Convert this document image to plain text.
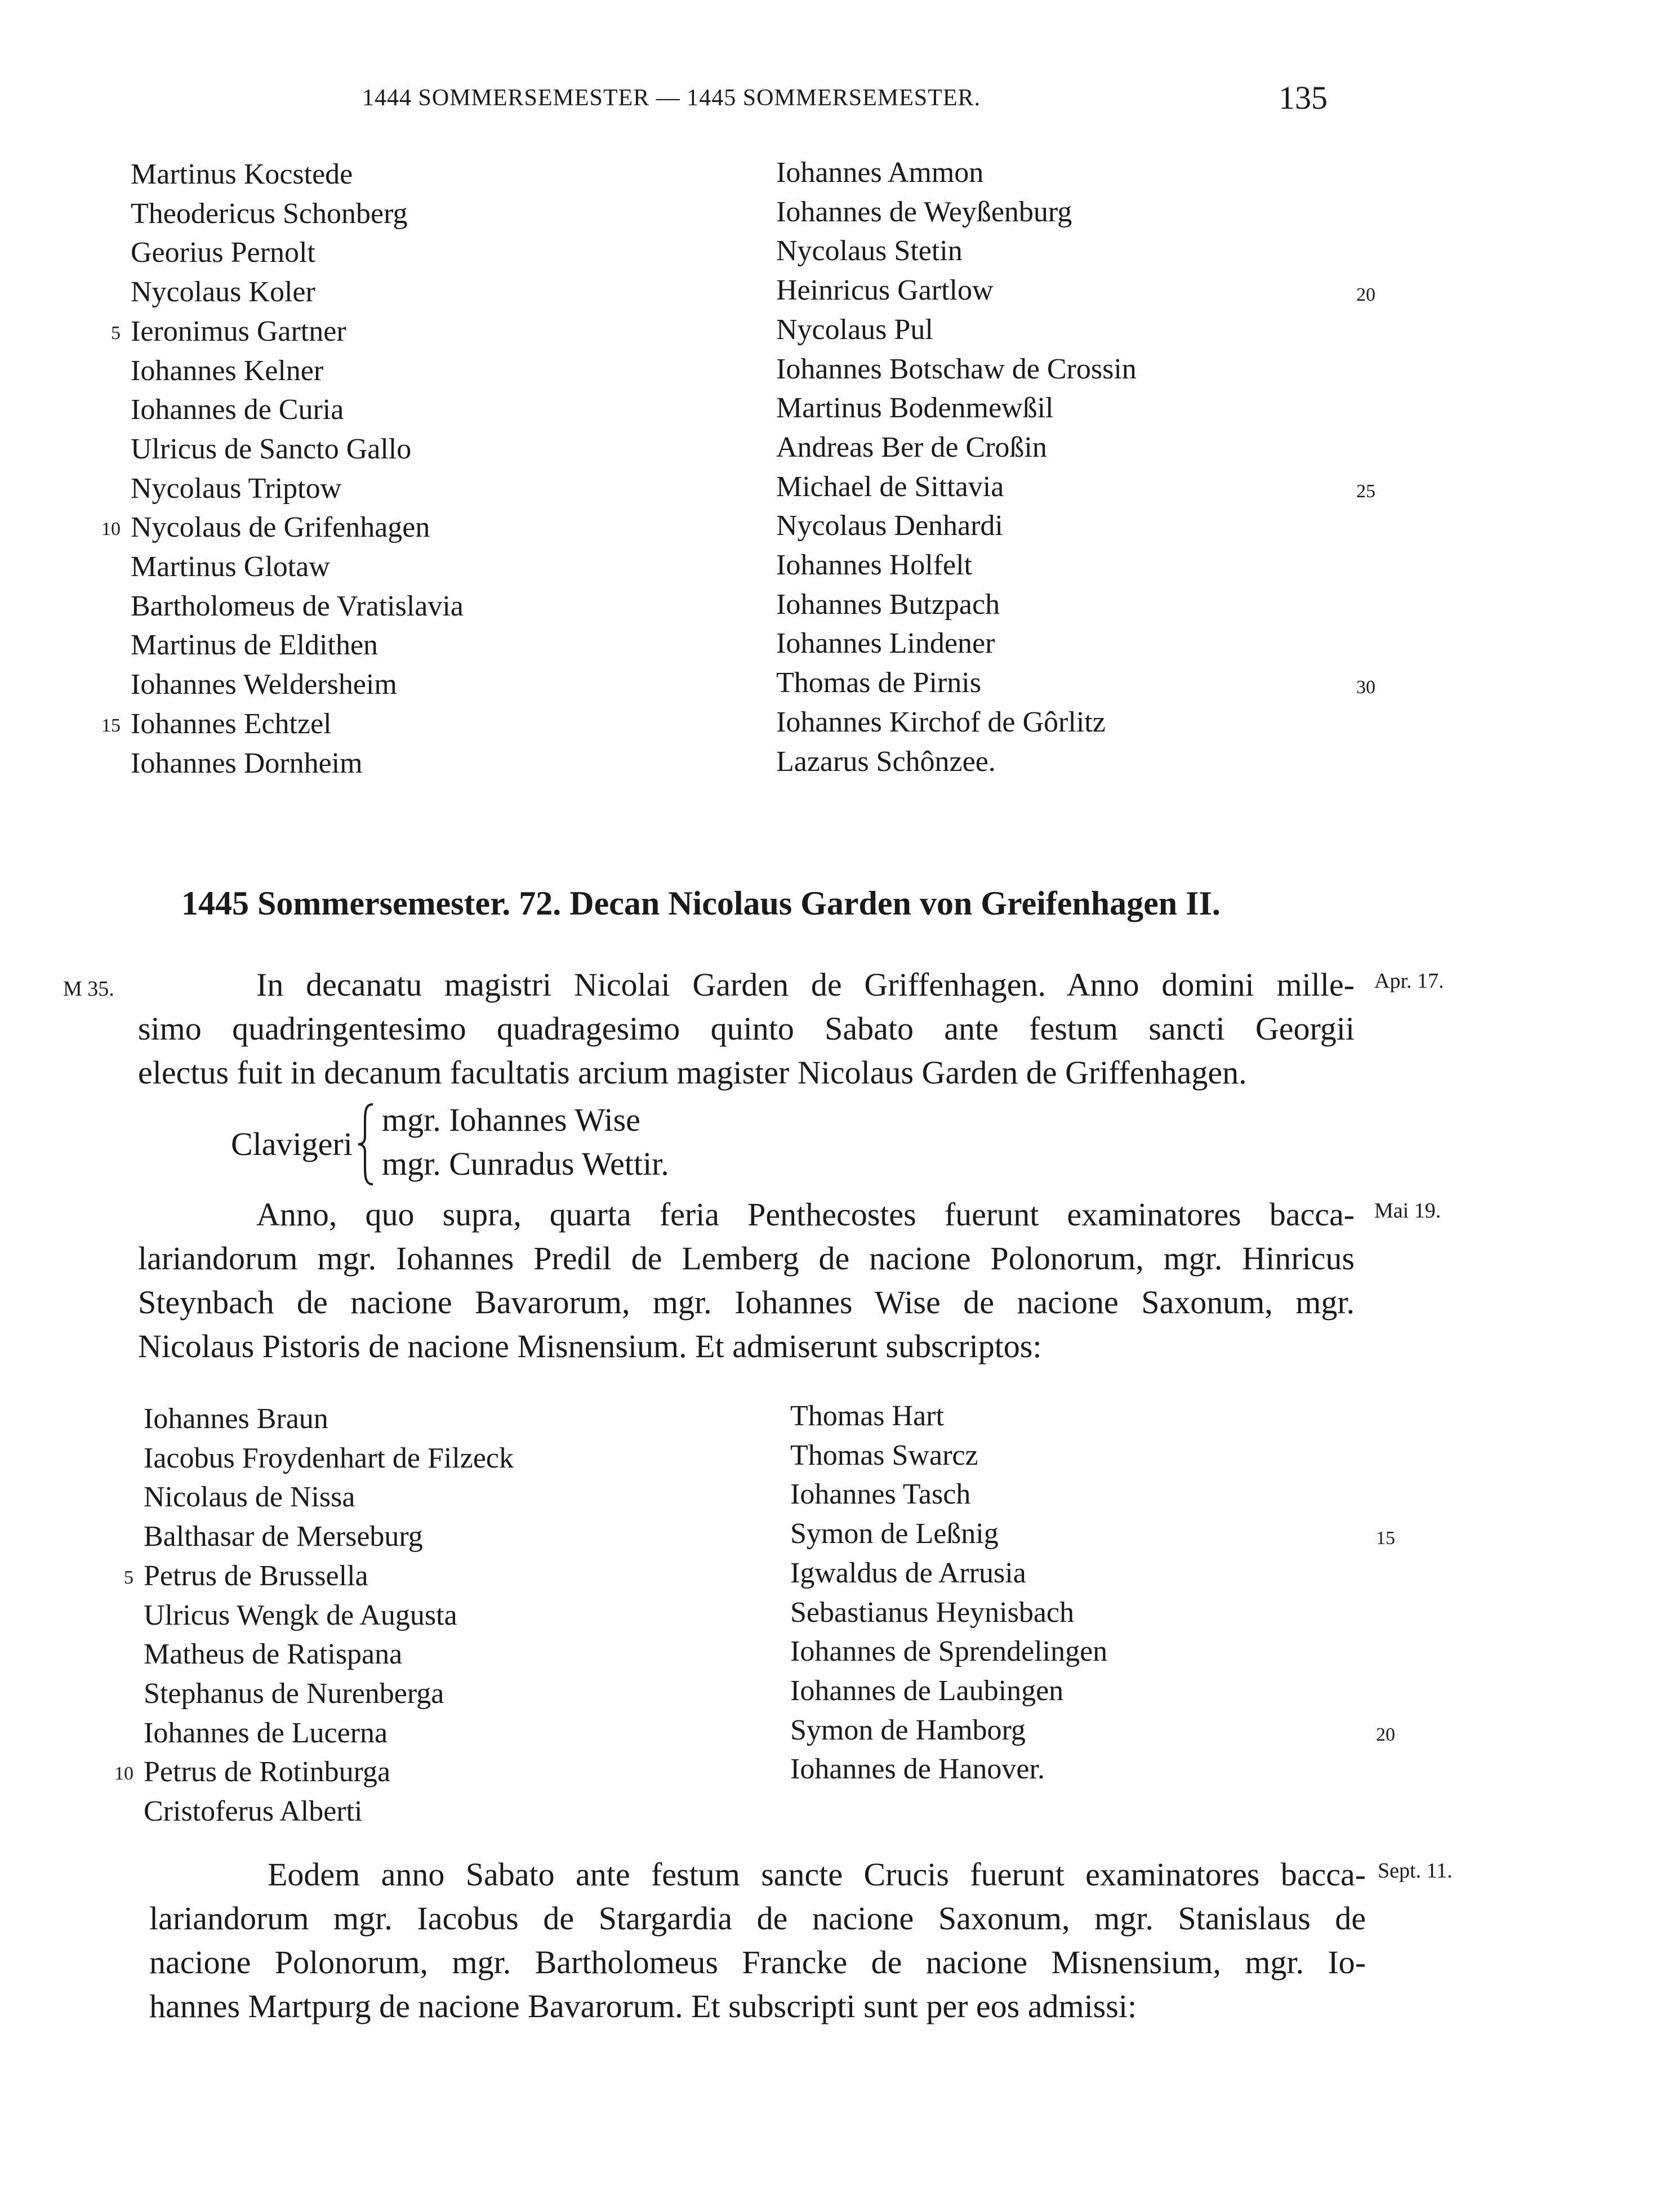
1444 SOMMERSEMESTER — 1445 SOMMERSEMESTER.	135
Martinus Kocstede
Theodericus Schonberg
Georius Pernolt
Nycolaus Koler
Ieronimus Gartner
5
Iohannes Kelner
Iohannes de Curia
Ulricus de Sancto Gallo
Nycolaus Triptow
Nycolaus de Grifenhagen
10
Martinus Glotaw
Bartholomeus de Vratislavia
Martinus de Eldithen
Iohannes Weldersheim
Iohannes Echtzel
15
Iohannes Dornheim
Iohannes Ammon
Iohannes de Weyßenburg
Nycolaus Stetin
Heinricus Gartlow	20
Nycolaus Pul
Iohannes Botschaw de Crossin
Martinus Bodenmewßil
Andreas Ber de Croßin
Michael de Sittavia	25
Nycolaus Denhardi
Iohannes Holfelt
Iohannes Butzpach
Iohannes Lindener
Thomas de Pirnis	30
Iohannes Kirchof de Gôrlitz
Lazarus Schônzee.
1445 Sommersemester. 72. Decan Nicolaus Garden von Greifenhagen II.
M 35.	Apr. 17.
In decanatu magistri Nicolai Garden de Griffenhagen. Anno domini mille-
simo quadringentesimo quadragesimo quinto Sabato ante festum sancti Georgii
electus fuit in decanum facultatis arcium magister Nicolaus Garden de Griffenhagen.
Clavigeri
mgr. Iohannes Wise
mgr. Cunradus Wettir.
Mai 19.
Anno, quo supra, quarta feria Penthecostes fuerunt examinatores bacca-
lariandorum mgr. Iohannes Predil de Lemberg de nacione Polonorum, mgr. Hinricus
Steynbach de nacione Bavarorum, mgr. Iohannes Wise de nacione Saxonum, mgr.
Nicolaus Pistoris de nacione Misnensium. Et admiserunt subscriptos:
Iohannes Braun
Iacobus Froydenhart de Filzeck
Nicolaus de Nissa
Balthasar de Merseburg
Petrus de Brussella
5
Ulricus Wengk de Augusta
Matheus de Ratispana
Stephanus de Nurenberga
Iohannes de Lucerna
Petrus de Rotinburga
10
Cristoferus Alberti
Thomas Hart
Thomas Swarcz
Iohannes Tasch
Symon de Leßnig	15
Igwaldus de Arrusia
Sebastianus Heynisbach
Iohannes de Sprendelingen
Iohannes de Laubingen
Symon de Hamborg	20
Iohannes de Hanover.
Sept. 11.
Eodem anno Sabato ante festum sancte Crucis fuerunt examinatores bacca-
lariandorum mgr. Iacobus de Stargardia de nacione Saxonum, mgr. Stanislaus de
nacione Polonorum, mgr. Bartholomeus Francke de nacione Misnensium, mgr. Io-
hannes Martpurg de nacione Bavarorum. Et subscripti sunt per eos admissi:
